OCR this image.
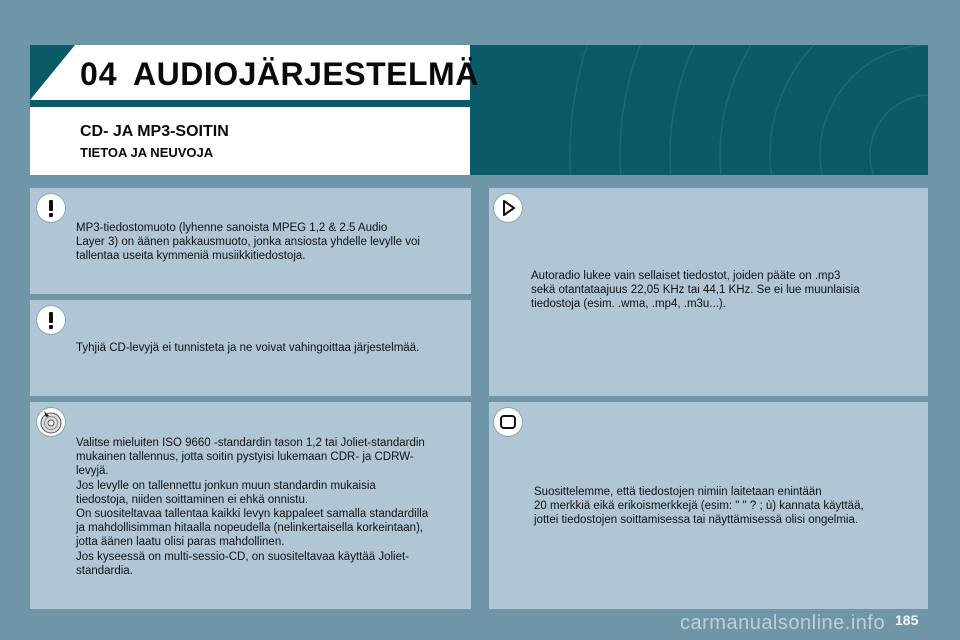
04 AUDIOJÄRJESTELMÄ
CD- JA MP3-SOITIN
TIETOA JA NEUVOJA

MP3-tiedostomuoto (lyhenne sanoista MPEG 1,2 & 2.5 Audio

Layer 3) on äänen pakkausmuoto, jonka ansiosta yhdelle levylle voi

tallentaa useita kymmeniä musiikkitiedostoja.

Tyhjiä CD-levyjä ei tunnisteta ja ne voivat vahingoittaa järjestelmää.

Valitse mieluiten ISO 9660 -standardin tason 1,2 tai Joliet-standardin

mukainen tallennus, jotta soitin pystyisi lukemaan CDR- ja CDRW-

levyjä.

Jos levylle on tallennettu jonkun muun standardin mukaisia

tiedostoja, niiden soittaminen ei ehkä onnistu.

On suositeltavaa tallentaa kaikki levyn kappaleet samalla standardilla

ja mahdollisimman hitaalla nopeudella (nelinkertaisella korkeintaan),

jotta äänen laatu olisi paras mahdollinen.

Jos kyseessä on multi-sessio-CD, on suositeltavaa käyttää Joliet-

standardia.

Autoradio lukee vain sellaiset tiedostot, joiden pääte on .mp3

sekä otantataajuus 22,05 KHz tai 44,1 KHz. Se ei lue muunlaisia

tiedostoja (esim. .wma, .mp4, .m3u...).

Suosittelemme, että tiedostojen nimiin laitetaan enintään

20 merkkiä eikä erikoismerkkejä (esim: " " ? ; ù) kannata käyttää,

jottei tiedostojen soittamisessa tai näyttämisessä olisi ongelmia.

carmanualsonline.info 185
